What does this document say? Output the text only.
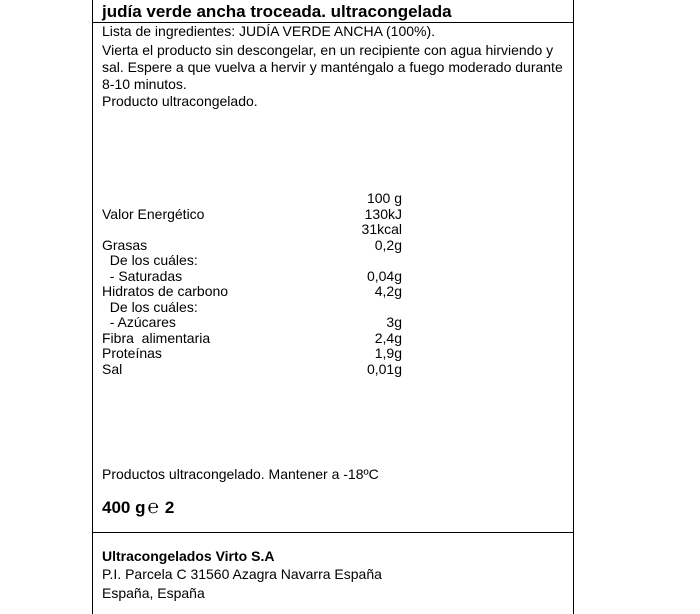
judía verde ancha troceada. ultracongelada
Lista de ingredientes: JUDÍA VERDE ANCHA (100%).
Vierta el producto sin descongelar, en un recipiente con agua hirviendo y sal. Espere a que vuelva a hervir y manténgalo a fuego moderado durante 8-10 minutos.
Producto ultracongelado.
100 g
Valor Energético	130kJ
31kcal
Grasas	0,2g
De los cuáles:
- Saturadas	0,04g
Hidratos de carbono	4,2g
De los cuáles:
- Azúcares	3g
Fibra  alimentaria	2,4g
Proteínas	1,9g
Sal	0,01g
Productos ultracongelado. Mantener a -18ºC
400 g ℮ 2
Ultracongelados Virto S.A
P.I. Parcela C 31560 Azagra Navarra España
España, España
